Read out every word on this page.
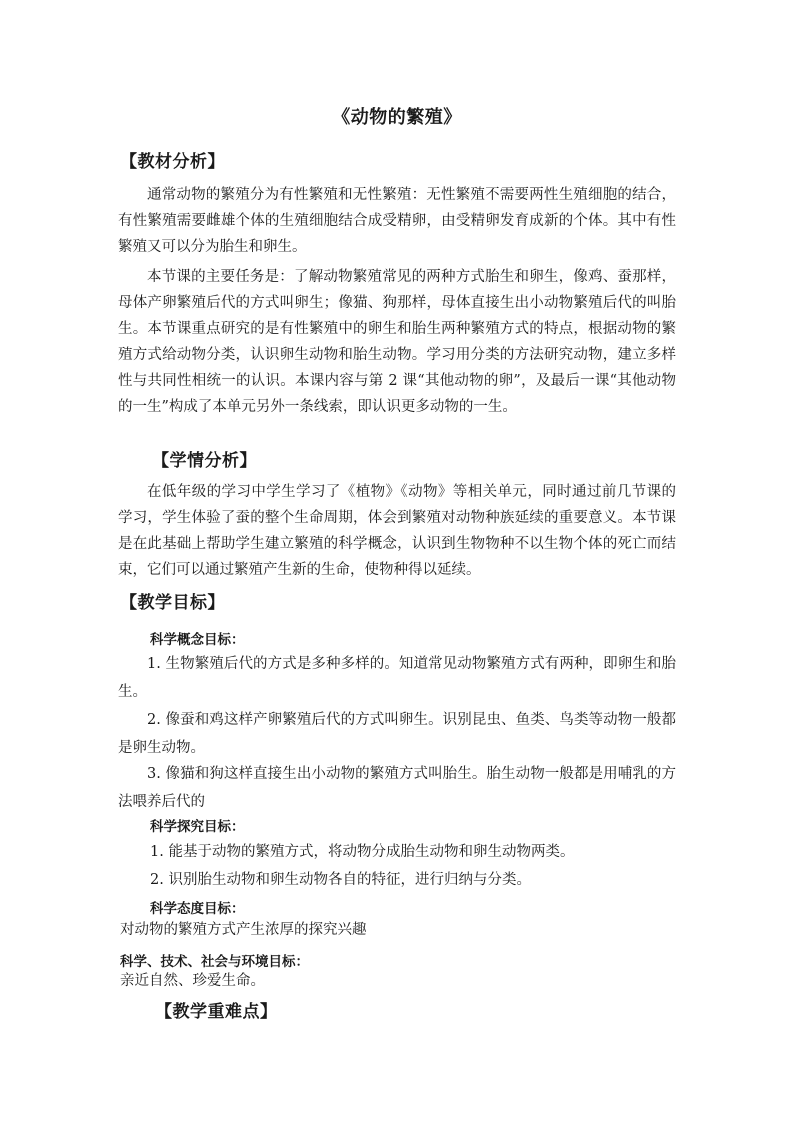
《动物的繁殖》
【教材分析】

通常动物的繁殖分为有性繁殖和无性繁殖：无性繁殖不需要两性生殖细胞的结合，有性繁殖需要雌雄个体的生殖细胞结合成受精卵，由受精卵发育成新的个体。其中有性繁殖又可以分为胎生和卵生。

本节课的主要任务是：了解动物繁殖常见的两种方式胎生和卵生，像鸡、蚕那样，母体产卵繁殖后代的方式叫卵生；像猫、狗那样，母体直接生出小动物繁殖后代的叫胎生。本节课重点研究的是有性繁殖中的卵生和胎生两种繁殖方式的特点，根据动物的繁殖方式给动物分类，认识卵生动物和胎生动物。学习用分类的方法研究动物，建立多样性与共同性相统一的认识。本课内容与第 2 课“其他动物的卵”，及最后一课“其他动物的一生”构成了本单元另外一条线索，即认识更多动物的一生。

【学情分析】

在低年级的学习中学生学习了《植物》《动物》等相关单元，同时通过前几节课的学习，学生体验了蚕的整个生命周期，体会到繁殖对动物种族延续的重要意义。本节课是在此基础上帮助学生建立繁殖的科学概念，认识到生物物种不以生物个体的死亡而结束，它们可以通过繁殖产生新的生命，使物种得以延续。

【教学目标】
科学概念目标：

1. 生物繁殖后代的方式是多种多样的。知道常见动物繁殖方式有两种，即卵生和胎生。

2. 像蚕和鸡这样产卵繁殖后代的方式叫卵生。识别昆虫、鱼类、鸟类等动物一般都是卵生动物。

3. 像猫和狗这样直接生出小动物的繁殖方式叫胎生。胎生动物一般都是用哺乳的方法喂养后代的

科学探究目标：

1. 能基于动物的繁殖方式，将动物分成胎生动物和卵生动物两类。

2. 识别胎生动物和卵生动物各自的特征，进行归纳与分类。

科学态度目标：

对动物的繁殖方式产生浓厚的探究兴趣

科学、技术、社会与环境目标：

亲近自然、珍爱生命。

【教学重难点】
